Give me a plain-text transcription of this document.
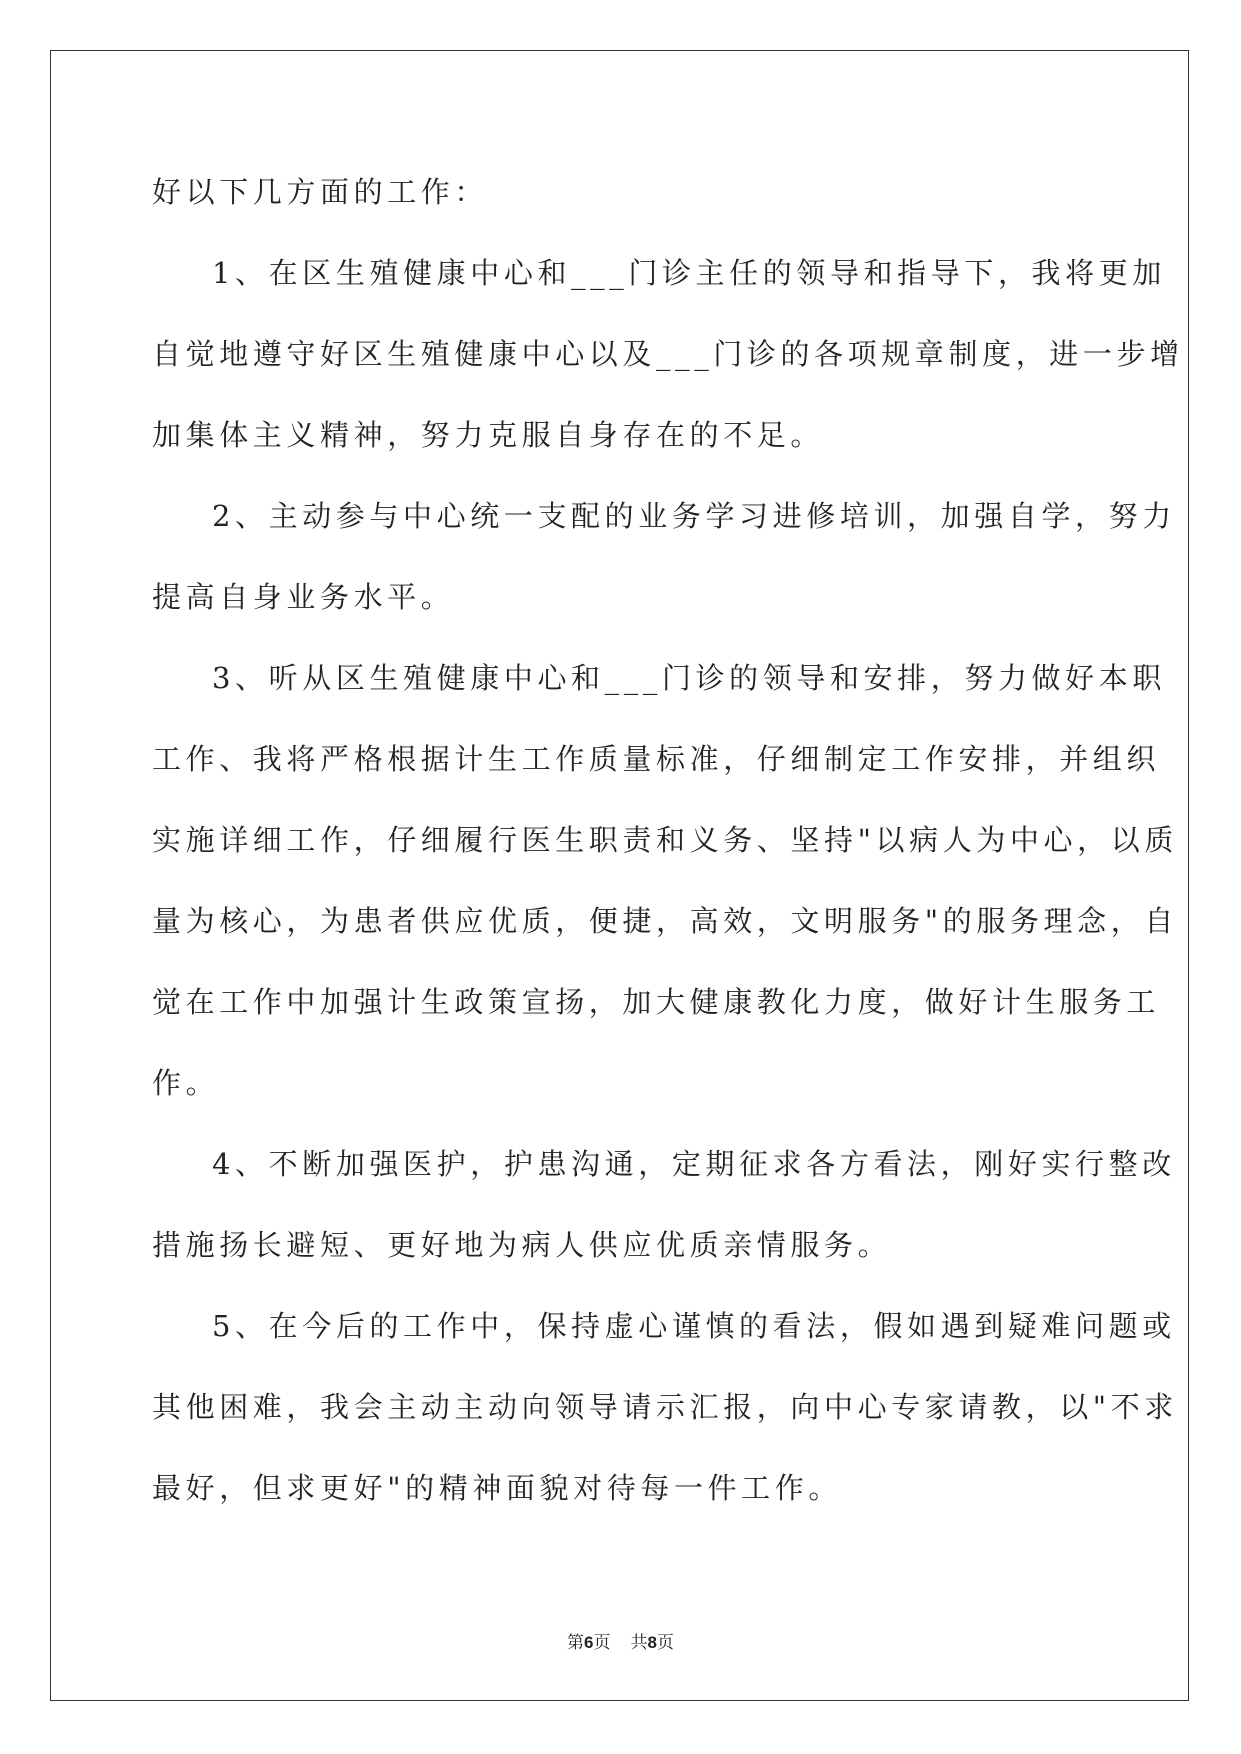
好以下几方面的工作：
1、在区生殖健康中心和___门诊主任的领导和指导下，我将更加
自觉地遵守好区生殖健康中心以及___门诊的各项规章制度，进一步增
加集体主义精神，努力克服自身存在的不足。
2、主动参与中心统一支配的业务学习进修培训，加强自学，努力
提高自身业务水平。
3、听从区生殖健康中心和___门诊的领导和安排，努力做好本职
工作、我将严格根据计生工作质量标准，仔细制定工作安排，并组织
实施详细工作，仔细履行医生职责和义务、坚持"以病人为中心，以质
量为核心，为患者供应优质，便捷，高效，文明服务"的服务理念，自
觉在工作中加强计生政策宣扬，加大健康教化力度，做好计生服务工
作。
4、不断加强医护，护患沟通，定期征求各方看法，刚好实行整改
措施扬长避短、更好地为病人供应优质亲情服务。
5、在今后的工作中，保持虚心谨慎的看法，假如遇到疑难问题或
其他困难，我会主动主动向领导请示汇报，向中心专家请教，以"不求
最好，但求更好"的精神面貌对待每一件工作。
第6页 共8页
